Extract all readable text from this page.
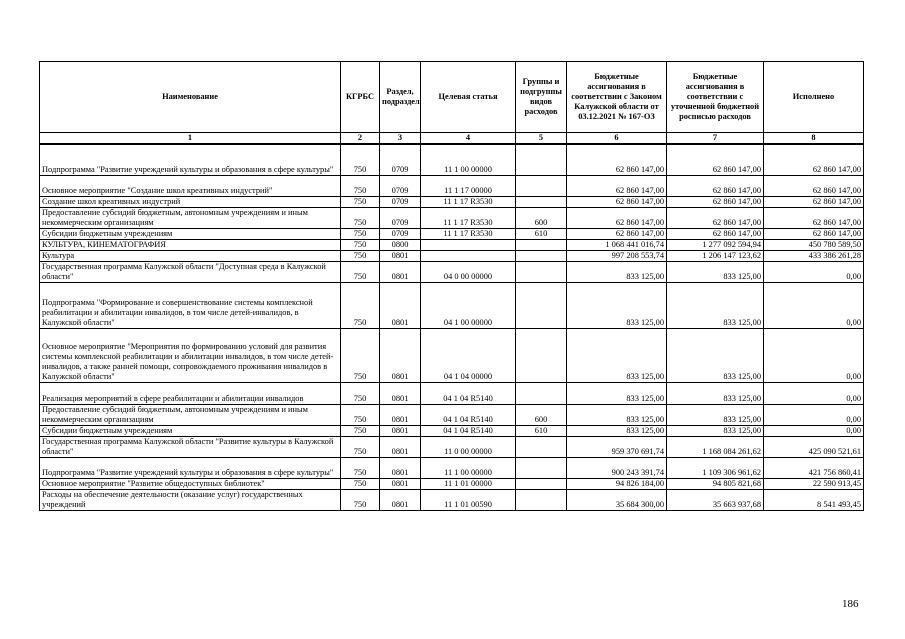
Наименование	КГРБС	Раздел, подраздел	Целевая статья	Группы и подгруппы видов расходов	Бюджетные ассигнования в соответствии с Законом Калужской области от 03.12.2021 № 167-ОЗ	Бюджетные ассигнования в соответствии с уточненной бюджетной росписью расходов	Исполнено
1	2	3	4	5	6	7	8
Подпрограмма "Развитие учреждений культуры и образования в сфере культуры"	750	0709	11 1 00 00000		62 860 147,00	62 860 147,00	62 860 147,00
Основное мероприятие "Создание школ креативных индустрий"	750	0709	11 1 17 00000		62 860 147,00	62 860 147,00	62 860 147,00
Создание школ креативных индустрий	750	0709	11 1 17 R3530		62 860 147,00	62 860 147,00	62 860 147,00
Предоставление субсидий бюджетным, автономным учреждениям и иным некоммерческим организациям	750	0709	11 1 17 R3530	600	62 860 147,00	62 860 147,00	62 860 147,00
Субсидии бюджетным учреждениям	750	0709	11 1 17 R3530	610	62 860 147,00	62 860 147,00	62 860 147,00
КУЛЬТУРА, КИНЕМАТОГРАФИЯ	750	0800			1 068 441 016,74	1 277 092 594,94	450 780 589,50
Культура	750	0801			997 208 553,74	1 206 147 123,62	433 386 261,28
Государственная программа Калужской области "Доступная среда в Калужской области"	750	0801	04 0 00 00000		833 125,00	833 125,00	0,00
Подпрограмма "Формирование и совершенствование системы комплексной реабилитации и абилитации инвалидов, в том числе детей-инвалидов, в Калужской области"	750	0801	04 1 00 00000		833 125,00	833 125,00	0,00
Основное мероприятие "Мероприятия по формированию условий для развития системы комплексной реабилитации и абилитации инвалидов, в том числе детей-инвалидов, а также ранней помощи, сопровождаемого проживания инвалидов в Калужской области"	750	0801	04 1 04 00000		833 125,00	833 125,00	0,00
Реализация мероприятий в сфере реабилитации и абилитации инвалидов	750	0801	04 1 04 R5140		833 125,00	833 125,00	0,00
Предоставление субсидий бюджетным, автономным учреждениям и иным некоммерческим организациям	750	0801	04 1 04 R5140	600	833 125,00	833 125,00	0,00
Субсидии бюджетным учреждениям	750	0801	04 1 04 R5140	610	833 125,00	833 125,00	0,00
Государственная программа Калужской области "Развитие культуры в Калужской области"	750	0801	11 0 00 00000		959 370 691,74	1 168 084 261,62	425 090 521,61
Подпрограмма "Развитие учреждений культуры и образования в сфере культуры"	750	0801	11 1 00 00000		900 243 391,74	1 109 306 961,62	421 756 860,41
Основное мероприятие "Развитие общедоступных библиотек"	750	0801	11 1 01 00000		94 826 184,00	94 805 821,68	22 590 913,45
Расходы на обеспечение деятельности (оказание услуг) государственных учреждений	750	0801	11 1 01 00590		35 684 300,00	35 663 937,68	8 541 493,45
186
